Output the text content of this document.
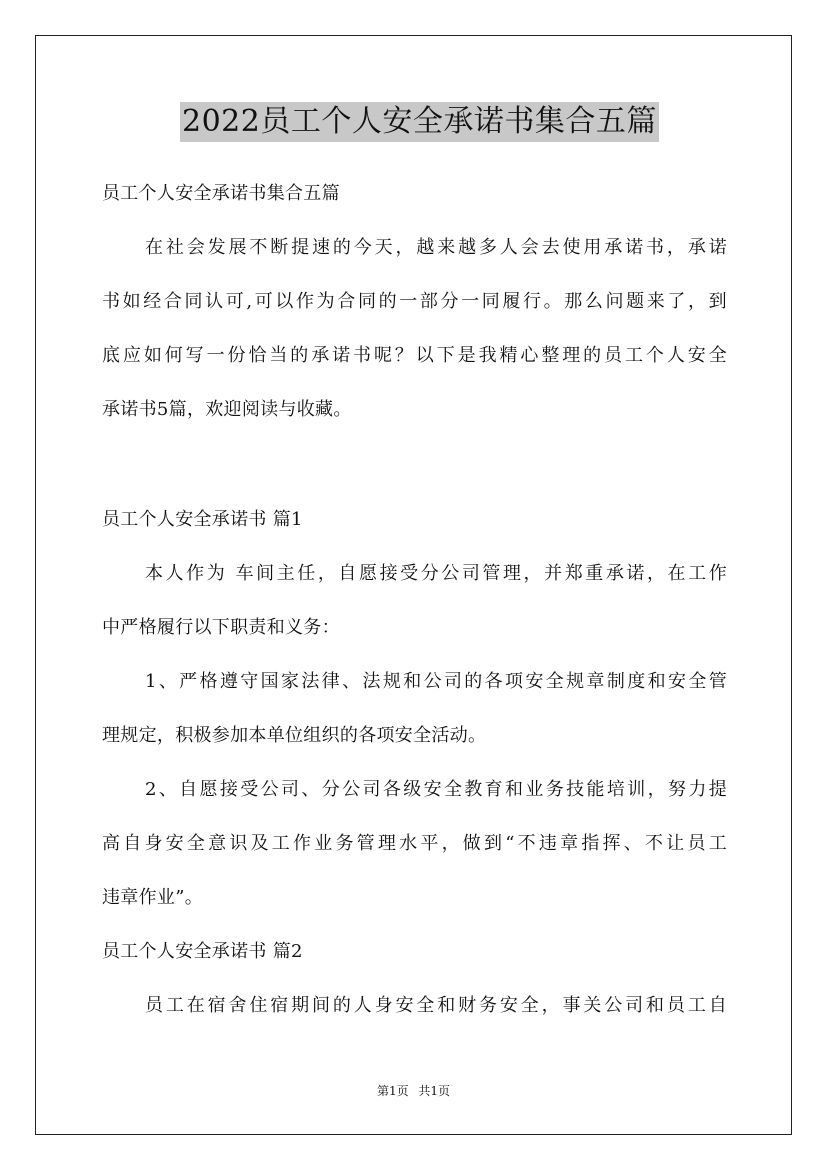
2022员工个人安全承诺书集合五篇
员工个人安全承诺书集合五篇
在社会发展不断提速的今天，越来越多人会去使用承诺书，承诺
书如经合同认可,可以作为合同的一部分一同履行。那么问题来了，到
底应如何写一份恰当的承诺书呢？以下是我精心整理的员工个人安全
承诺书5篇，欢迎阅读与收藏。
员工个人安全承诺书 篇1
本人作为 车间主任，自愿接受分公司管理，并郑重承诺，在工作
中严格履行以下职责和义务：
1、严格遵守国家法律、法规和公司的各项安全规章制度和安全管
理规定，积极参加本单位组织的各项安全活动。
2、自愿接受公司、分公司各级安全教育和业务技能培训，努力提
高自身安全意识及工作业务管理水平，做到“不违章指挥、不让员工
违章作业”。
员工个人安全承诺书 篇2
员工在宿舍住宿期间的人身安全和财务安全，事关公司和员工自
第1页 共1页
